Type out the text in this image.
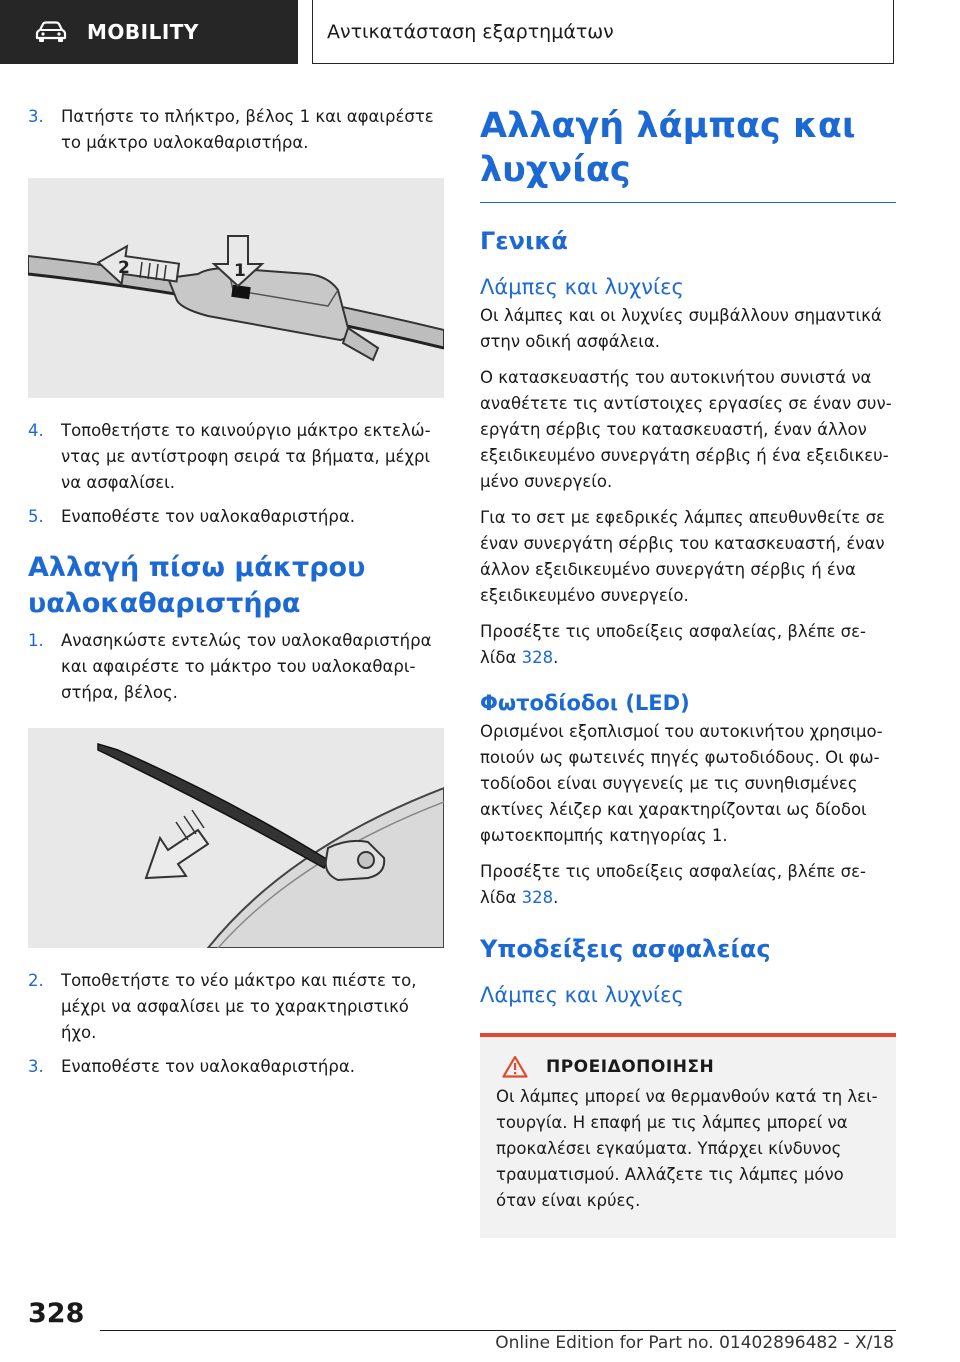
MOBILITY	Αντικατάσταση εξαρτημάτων
3.	Πατήστε το πλήκτρο, βέλος 1 και αφαιρέστε το μάκτρο υαλοκαθαριστήρα.
1
2
4.	Τοποθετήστε το καινούργιο μάκτρο εκτελώντας με αντίστροφη σειρά τα βήματα, μέχρι να ασφαλίσει.
5.	Εναποθέστε τον υαλοκαθαριστήρα.
Αλλαγή πίσω μάκτρου υαλοκαθαριστήρα
1.	Ανασηκώστε εντελώς τον υαλοκαθαριστήρα και αφαιρέστε το μάκτρο του υαλοκαθαριστήρα, βέλος.
2.	Τοποθετήστε το νέο μάκτρο και πιέστε το, μέχρι να ασφαλίσει με το χαρακτηριστικό ήχο.
3.	Εναποθέστε τον υαλοκαθαριστήρα.
Αλλαγή λάμπας και λυχνίας
Γενικά
Λάμπες και λυχνίες

Οι λάμπες και οι λυχνίες συμβάλλουν σημαντικά στην οδική ασφάλεια.

Ο κατασκευαστής του αυτοκινήτου συνιστά να αναθέτετε τις αντίστοιχες εργασίες σε έναν συνεργάτη σέρβις του κατασκευαστή, έναν άλλον εξειδικευμένο συνεργάτη σέρβις ή ένα εξειδικευμένο συνεργείο.

Για το σετ με εφεδρικές λάμπες απευθυνθείτε σε έναν συνεργάτη σέρβις του κατασκευαστή, έναν άλλον εξειδικευμένο συνεργάτη σέρβις ή ένα εξειδικευμένο συνεργείο.

Προσέξτε τις υποδείξεις ασφαλείας, βλέπε σελίδα 328.

Φωτοδίοδοι (LED)

Ορισμένοι εξοπλισμοί του αυτοκινήτου χρησιμοποιούν ως φωτεινές πηγές φωτοδιόδους. Οι φωτοδίοδοι είναι συγγενείς με τις συνηθισμένες ακτίνες λέιζερ και χαρακτηρίζονται ως δίοδοι φωτοεκπομπής κατηγορίας 1.

Προσέξτε τις υποδείξεις ασφαλείας, βλέπε σελίδα 328.

Υποδείξεις ασφαλείας
Λάμπες και λυχνίες
ΠΡΟΕΙΔΟΠΟΙΗΣΗ

Οι λάμπες μπορεί να θερμανθούν κατά τη λειτουργία. Η επαφή με τις λάμπες μπορεί να προκαλέσει εγκαύματα. Υπάρχει κίνδυνος τραυματισμού. Αλλάζετε τις λάμπες μόνο όταν είναι κρύες.

328
Online Edition for Part no. 01402896482 - X/18
